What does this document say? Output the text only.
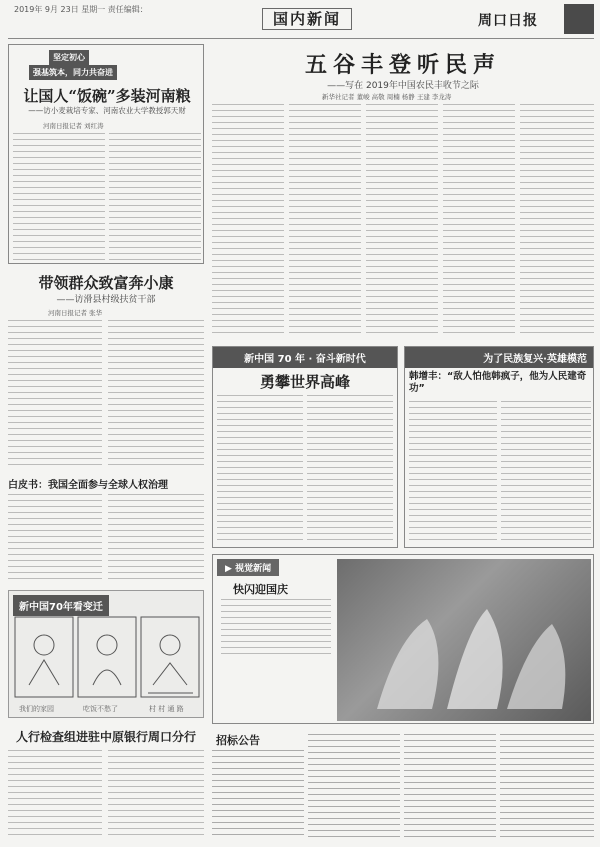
2019年 9月 23日 星期一 责任编辑：
国内新闻	周口日报
坚定初心
强基筑本，同力共奋进
让国人“饭碗”多装河南粮
——访小麦栽培专家、河南农业大学教授郭天财
河南日报记者 刘红涛
带领群众致富奔小康
——访滑县村级扶贫干部
河南日报记者 张华
白皮书：我国全面参与全球人权治理
新中国70年看变迁
我们的家园	吃饭不愁了	村 村 通 路
人行检查组进驻中原银行周口分行
五谷丰登听民声
——写在 2019年中国农民丰收节之际
新华社记者 董峻 高敬 周楠 杨静 王建 李龙涛
新中国 70 年 · 奋斗新时代
勇攀世界高峰
为了民族复兴·英雄模范
韩增丰：“敌人怕他韩疯子，他为人民建奇功”
▶ 视觉新闻
快闪迎国庆
招标公告
